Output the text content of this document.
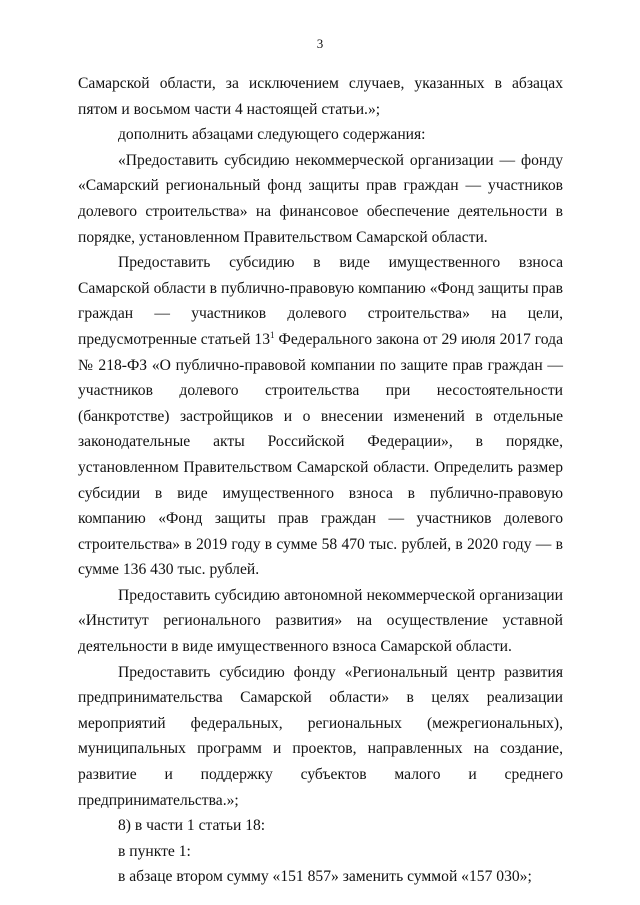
3

Самарской области, за исключением случаев, указанных в абзацах пятом и восьмом части 4 настоящей статьи.»;

дополнить абзацами следующего содержания:

«Предоставить субсидию некоммерческой организации — фонду «Самарский региональный фонд защиты прав граждан — участников долевого строительства» на финансовое обеспечение деятельности в порядке, установленном Правительством Самарской области.

Предоставить субсидию в виде имущественного взноса Самарской области в публично-правовую компанию «Фонд защиты прав граждан — участников долевого строительства» на цели, предусмотренные статьей $13^1$ Федерального закона от 29 июля 2017 года № 218-ФЗ «О публично-правовой компании по защите прав граждан — участников долевого строительства при несостоятельности (банкротстве) застройщиков и о внесении изменений в отдельные законодательные акты Российской Федерации», в порядке, установленном Правительством Самарской области. Определить размер субсидии в виде имущественного взноса в публично-правовую компанию «Фонд защиты прав граждан — участников долевого строительства» в 2019 году в сумме 58 470 тыс. рублей, в 2020 году — в сумме 136 430 тыс. рублей.

Предоставить субсидию автономной некоммерческой организации «Институт регионального развития» на осуществление уставной деятельности в виде имущественного взноса Самарской области.

Предоставить субсидию фонду «Региональный центр развития предпринимательства Самарской области» в целях реализации мероприятий федеральных, региональных (межрегиональных), муниципальных программ и проектов, направленных на создание, развитие и поддержку субъектов малого и среднего предпринимательства.»;

8) в части 1 статьи 18:

в пункте 1:

в абзаце втором сумму «151 857» заменить суммой «157 030»;
